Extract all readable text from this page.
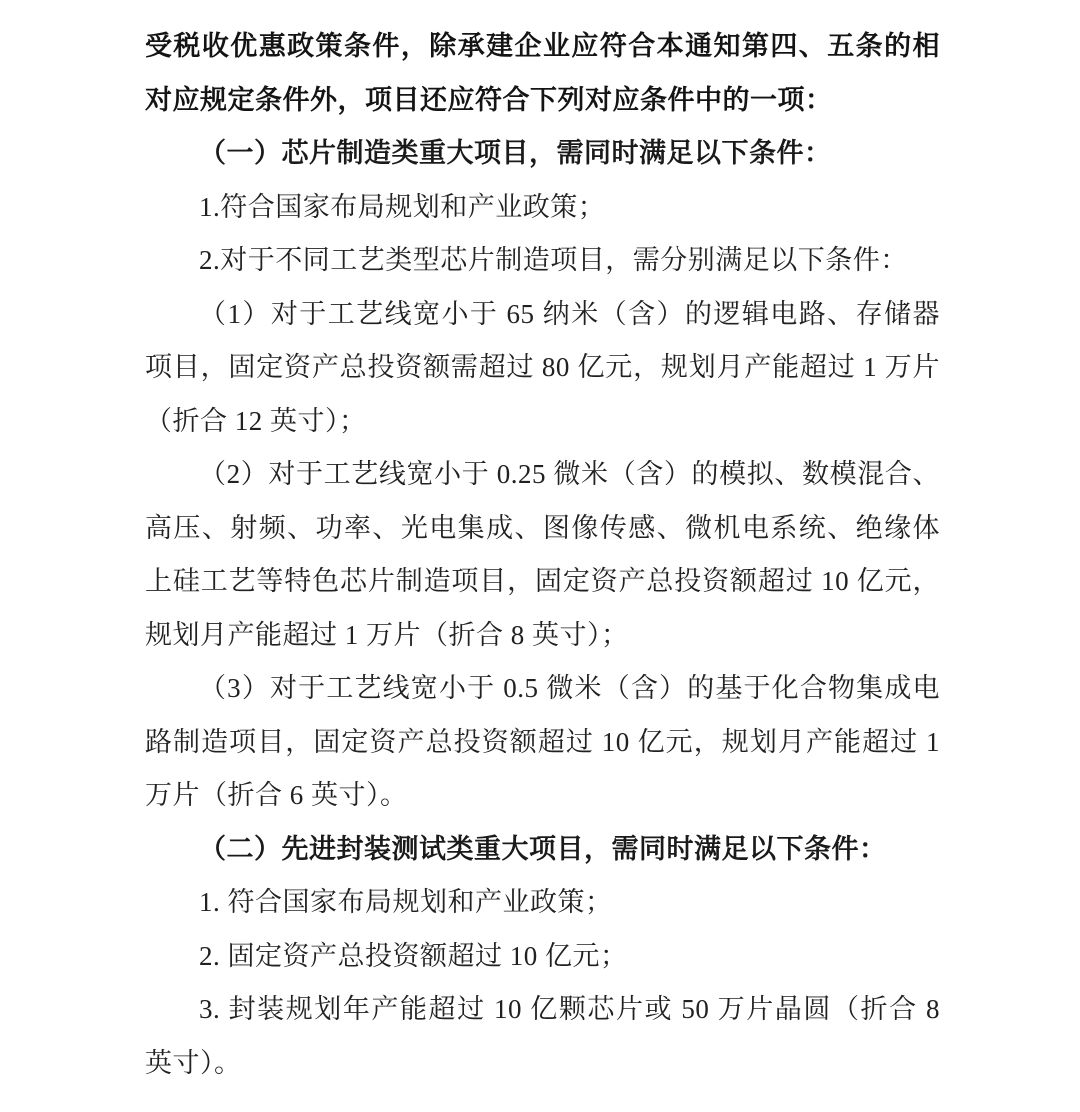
受税收优惠政策条件，除承建企业应符合本通知第四、五条的相对应规定条件外，项目还应符合下列对应条件中的一项：

（一）芯片制造类重大项目，需同时满足以下条件：

1.符合国家布局规划和产业政策；

2.对于不同工艺类型芯片制造项目，需分别满足以下条件：

（1）对于工艺线宽小于 65 纳米（含）的逻辑电路、存储器项目，固定资产总投资额需超过 80 亿元，规划月产能超过 1 万片（折合 12 英寸）；

（2）对于工艺线宽小于 0.25 微米（含）的模拟、数模混合、高压、射频、功率、光电集成、图像传感、微机电系统、绝缘体上硅工艺等特色芯片制造项目，固定资产总投资额超过 10 亿元，规划月产能超过 1 万片（折合 8 英寸）；

（3）对于工艺线宽小于 0.5 微米（含）的基于化合物集成电路制造项目，固定资产总投资额超过 10 亿元，规划月产能超过 1 万片（折合 6 英寸）。

（二）先进封装测试类重大项目，需同时满足以下条件：

1. 符合国家布局规划和产业政策；

2. 固定资产总投资额超过 10 亿元；

3. 封装规划年产能超过 10 亿颗芯片或 50 万片晶圆（折合 8 英寸）。
